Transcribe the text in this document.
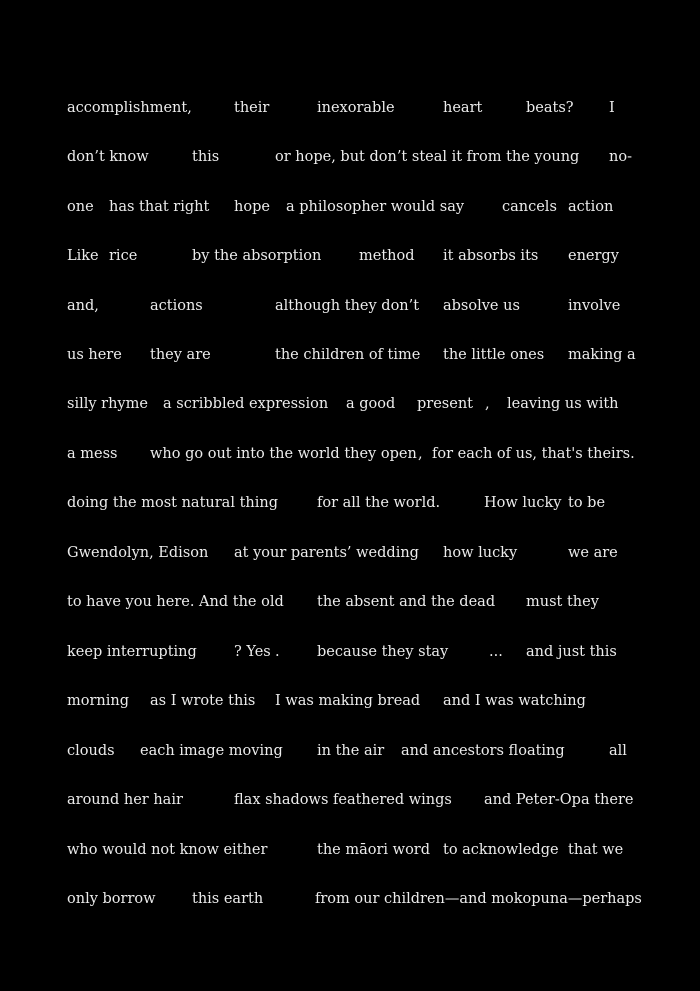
accomplishment,	their	inexorable	heart	beats? I
don’t know	this	or hope, but don’t steal it from the young no-
one has that right hope a philosopher would say	cancels action
Like rice	by the absorption	method it absorbs its energy
and,	actions	although they don’t absolve us	involve
us here they are	the children of time the little ones making a
silly rhyme a scribbled expression a good present , leaving us with
a mess who go out into the world they open , for each of us, that's theirs.
doing the most natural thing	for all the world.	How lucky to be
Gwendolyn, Edison at your parents’ wedding how lucky	we are
to have you here. And the old the absent and the dead must they
keep interrupting	? Yes .	because they stay	... and just this
morning as I wrote this I was making bread and I was watching
clouds each image moving in the air and ancestors floating	all
around her hair	flax shadows feathered wings and Peter-Opa there
who would not know either	the māori word to acknowledge that we
only borrow	this earth	from our children—and mokopuna—perhaps
